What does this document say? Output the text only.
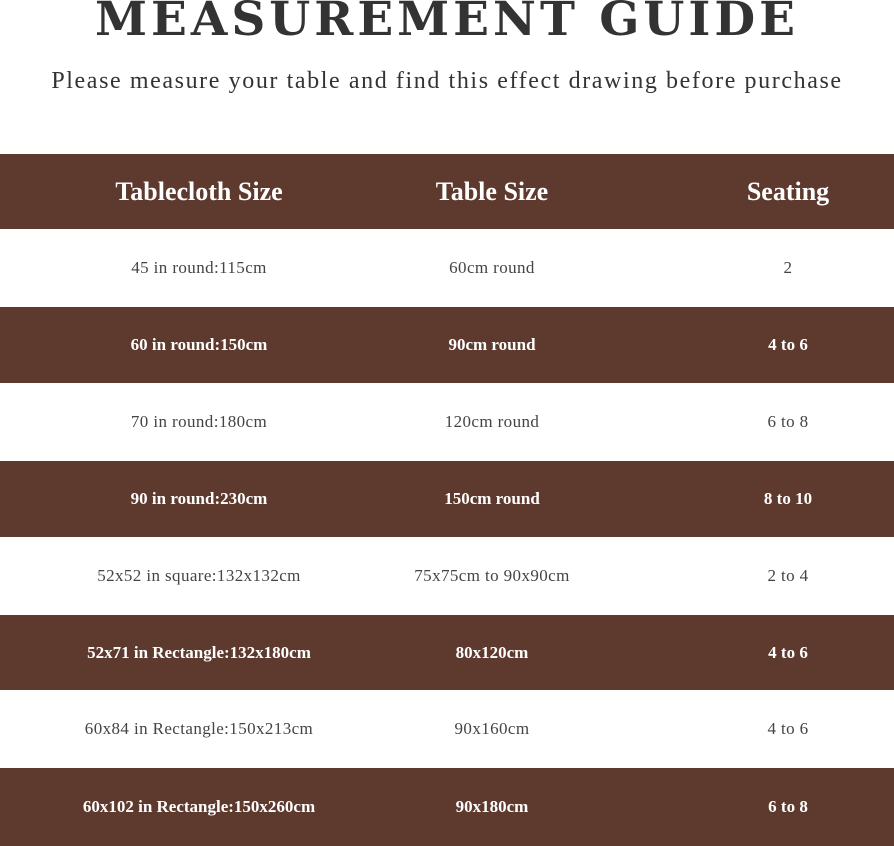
MEASUREMENT GUIDE
Please measure your table and find this effect drawing before purchase
Tablecloth Size	Table Size	Seating
45 in round:115cm	60cm round	2
60 in round:150cm	90cm round	4 to 6
70 in round:180cm	120cm round	6 to 8
90 in round:230cm	150cm round	8 to 10
52x52 in square:132x132cm	75x75cm to 90x90cm	2 to 4
52x71 in Rectangle:132x180cm	80x120cm	4 to 6
60x84 in Rectangle:150x213cm	90x160cm	4 to 6
60x102 in Rectangle:150x260cm	90x180cm	6 to 8
